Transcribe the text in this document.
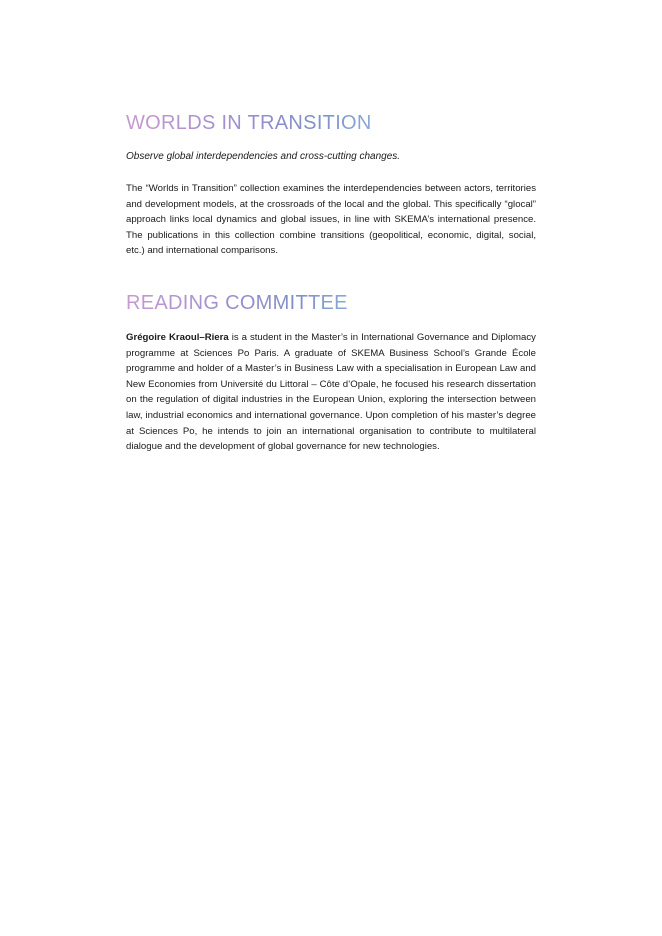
WORLDS IN TRANSITION

Observe global interdependencies and cross-cutting changes.

The “Worlds in Transition” collection examines the interdependencies between actors, territories and development models, at the crossroads of the local and the global. This specifically “glocal” approach links local dynamics and global issues, in line with SKEMA’s international presence. The publications in this collection combine transitions (geopolitical, economic, digital, social, etc.) and international comparisons.

READING COMMITTEE

Grégoire Kraoul–Riera is a student in the Master’s in International Governance and Diplomacy programme at Sciences Po Paris. A graduate of SKEMA Business School’s Grande École programme and holder of a Master’s in Business Law with a specialisation in European Law and New Economies from Université du Littoral – Côte d’Opale, he focused his research dissertation on the regulation of digital industries in the European Union, exploring the intersection between law, industrial economics and international governance. Upon completion of his master’s degree at Sciences Po, he intends to join an international organisation to contribute to multilateral dialogue and the development of global governance for new technologies.
